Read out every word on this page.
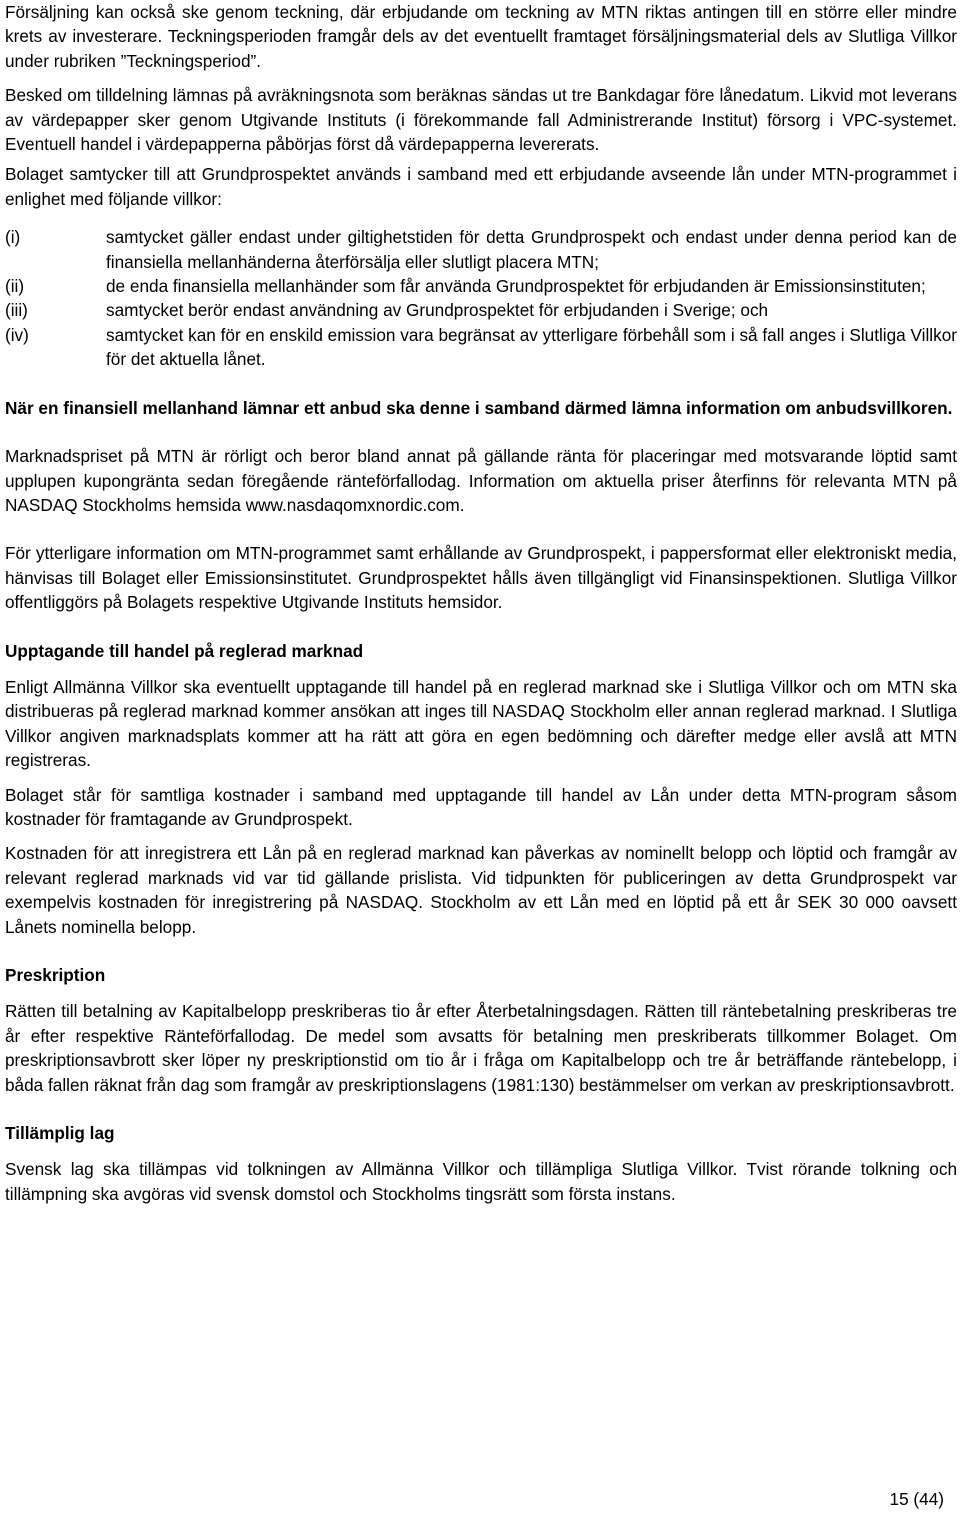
Försäljning kan också ske genom teckning, där erbjudande om teckning av MTN riktas antingen till en större eller mindre krets av investerare. Teckningsperioden framgår dels av det eventuellt framtaget försäljningsmaterial dels av Slutliga Villkor under rubriken ”Teckningsperiod”.

Besked om tilldelning lämnas på avräkningsnota som beräknas sändas ut tre Bankdagar före lånedatum. Likvid mot leverans av värdepapper sker genom Utgivande Instituts (i förekommande fall Administrerande Institut) försorg i VPC-systemet. Eventuell handel i värdepapperna påbörjas först då värdepapperna levererats.

Bolaget samtycker till att Grundprospektet används i samband med ett erbjudande avseende lån under MTN-programmet i enlighet med följande villkor:

(i)	samtycket gäller endast under giltighetstiden för detta Grundprospekt och endast under denna period kan de finansiella mellanhänderna återförsälja eller slutligt placera MTN;
(ii)	de enda finansiella mellanhänder som får använda Grundprospektet för erbjudanden är Emissionsinstituten;
(iii)	samtycket berör endast användning av Grundprospektet för erbjudanden i Sverige; och
(iv)	samtycket kan för en enskild emission vara begränsat av ytterligare förbehåll som i så fall anges i Slutliga Villkor för det aktuella lånet.

När en finansiell mellanhand lämnar ett anbud ska denne i samband därmed lämna information om anbudsvillkoren.

Marknadspriset på MTN är rörligt och beror bland annat på gällande ränta för placeringar med motsvarande löptid samt upplupen kupongränta sedan föregående ränteförfallodag. Information om aktuella priser återfinns för relevanta MTN på NASDAQ Stockholms hemsida www.nasdaqomxnordic.com.

För ytterligare information om MTN-programmet samt erhållande av Grundprospekt, i pappersformat eller elektroniskt media, hänvisas till Bolaget eller Emissionsinstitutet. Grundprospektet hålls även tillgängligt vid Finansinspektionen. Slutliga Villkor offentliggörs på Bolagets respektive Utgivande Instituts hemsidor.

Upptagande till handel på reglerad marknad

Enligt Allmänna Villkor ska eventuellt upptagande till handel på en reglerad marknad ske i Slutliga Villkor och om MTN ska distribueras på reglerad marknad kommer ansökan att inges till NASDAQ Stockholm eller annan reglerad marknad. I Slutliga Villkor angiven marknadsplats kommer att ha rätt att göra en egen bedömning och därefter medge eller avslå att MTN registreras.

Bolaget står för samtliga kostnader i samband med upptagande till handel av Lån under detta MTN-program såsom kostnader för framtagande av Grundprospekt.

Kostnaden för att inregistrera ett Lån på en reglerad marknad kan påverkas av nominellt belopp och löptid och framgår av relevant reglerad marknads vid var tid gällande prislista. Vid tidpunkten för publiceringen av detta Grundprospekt var exempelvis kostnaden för inregistrering på NASDAQ. Stockholm av ett Lån med en löptid på ett år SEK 30 000 oavsett Lånets nominella belopp.

Preskription

Rätten till betalning av Kapitalbelopp preskriberas tio år efter Återbetalningsdagen. Rätten till räntebetalning preskriberas tre år efter respektive Ränteförfallodag. De medel som avsatts för betalning men preskriberats tillkommer Bolaget. Om preskriptionsavbrott sker löper ny preskriptionstid om tio år i fråga om Kapitalbelopp och tre år beträffande räntebelopp, i båda fallen räknat från dag som framgår av preskriptionslagens (1981:130) bestämmelser om verkan av preskriptionsavbrott.

Tillämplig lag

Svensk lag ska tillämpas vid tolkningen av Allmänna Villkor och tillämpliga Slutliga Villkor. Tvist rörande tolkning och tillämpning ska avgöras vid svensk domstol och Stockholms tingsrätt som första instans.

15 (44)
